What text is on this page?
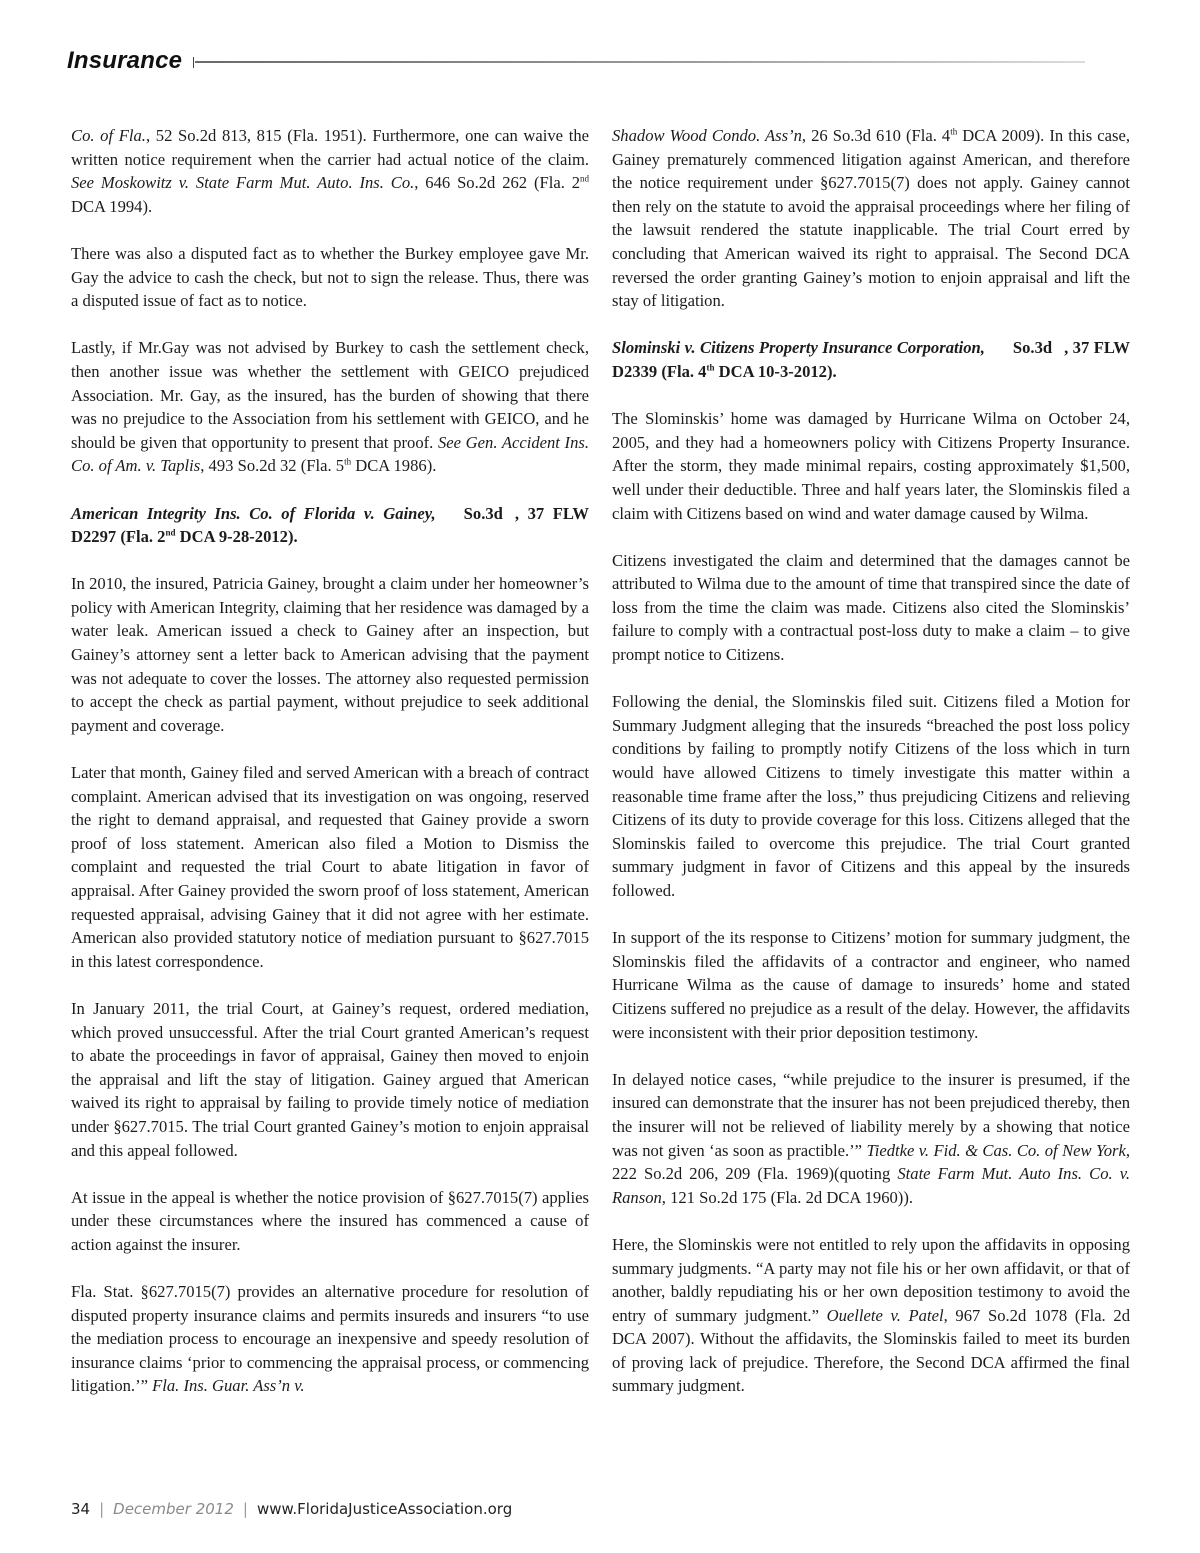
Insurance

Co. of Fla., 52 So.2d 813, 815 (Fla. 1951). Furthermore, one can waive the written notice requirement when the carrier had actual notice of the claim. See Moskowitz v. State Farm Mut. Auto. Ins. Co., 646 So.2d 262 (Fla. 2nd DCA 1994).

There was also a disputed fact as to whether the Burkey employee gave Mr. Gay the advice to cash the check, but not to sign the release. Thus, there was a disputed issue of fact as to notice.

Lastly, if Mr.Gay was not advised by Burkey to cash the settlement check, then another issue was whether the settlement with GEICO prejudiced Association. Mr. Gay, as the insured, has the burden of showing that there was no prejudice to the Association from his settlement with GEICO, and he should be given that opportunity to present that proof. See Gen. Accident Ins. Co. of Am. v. Taplis, 493 So.2d 32 (Fla. 5th DCA 1986).

American Integrity Ins. Co. of Florida v. Gainey, So.3d , 37 FLW D2297 (Fla. 2nd DCA 9-28-2012).

In 2010, the insured, Patricia Gainey, brought a claim under her homeowner’s policy with American Integrity, claiming that her residence was damaged by a water leak. American issued a check to Gainey after an inspection, but Gainey’s attorney sent a letter back to American advising that the payment was not adequate to cover the losses. The attorney also requested permission to accept the check as partial payment, without prejudice to seek additional payment and coverage.

Later that month, Gainey filed and served American with a breach of contract complaint. American advised that its investigation on was ongoing, reserved the right to demand appraisal, and requested that Gainey provide a sworn proof of loss statement. American also filed a Motion to Dismiss the complaint and requested the trial Court to abate litigation in favor of appraisal. After Gainey provided the sworn proof of loss statement, American requested appraisal, advising Gainey that it did not agree with her estimate. American also provided statutory notice of mediation pursuant to §627.7015 in this latest correspondence.

In January 2011, the trial Court, at Gainey’s request, ordered mediation, which proved unsuccessful. After the trial Court granted American’s request to abate the proceedings in favor of appraisal, Gainey then moved to enjoin the appraisal and lift the stay of litigation. Gainey argued that American waived its right to appraisal by failing to provide timely notice of mediation under §627.7015. The trial Court granted Gainey’s motion to enjoin appraisal and this appeal followed.

At issue in the appeal is whether the notice provision of §627.7015(7) applies under these circumstances where the insured has commenced a cause of action against the insurer.

Fla. Stat. §627.7015(7) provides an alternative procedure for resolution of disputed property insurance claims and permits insureds and insurers “to use the mediation process to encourage an inexpensive and speedy resolution of insurance claims ‘prior to commencing the appraisal process, or commencing litigation.’” Fla. Ins. Guar. Ass’n v.

Shadow Wood Condo. Ass’n, 26 So.3d 610 (Fla. 4th DCA 2009). In this case, Gainey prematurely commenced litigation against American, and therefore the notice requirement under §627.7015(7) does not apply. Gainey cannot then rely on the statute to avoid the appraisal proceedings where her filing of the lawsuit rendered the statute inapplicable. The trial Court erred by concluding that American waived its right to appraisal. The Second DCA reversed the order granting Gainey’s motion to enjoin appraisal and lift the stay of litigation.

Slominski v. Citizens Property Insurance Corporation, So.3d , 37 FLW D2339 (Fla. 4th DCA 10-3-2012).

The Slominskis’ home was damaged by Hurricane Wilma on October 24, 2005, and they had a homeowners policy with Citizens Property Insurance. After the storm, they made minimal repairs, costing approximately $1,500, well under their deductible. Three and half years later, the Slominskis filed a claim with Citizens based on wind and water damage caused by Wilma.

Citizens investigated the claim and determined that the damages cannot be attributed to Wilma due to the amount of time that transpired since the date of loss from the time the claim was made. Citizens also cited the Slominskis’ failure to comply with a contractual post-loss duty to make a claim – to give prompt notice to Citizens.

Following the denial, the Slominskis filed suit. Citizens filed a Motion for Summary Judgment alleging that the insureds “breached the post loss policy conditions by failing to promptly notify Citizens of the loss which in turn would have allowed Citizens to timely investigate this matter within a reasonable time frame after the loss,” thus prejudicing Citizens and relieving Citizens of its duty to provide coverage for this loss. Citizens alleged that the Slominskis failed to overcome this prejudice. The trial Court granted summary judgment in favor of Citizens and this appeal by the insureds followed.

In support of the its response to Citizens’ motion for summary judgment, the Slominskis filed the affidavits of a contractor and engineer, who named Hurricane Wilma as the cause of damage to insureds’ home and stated Citizens suffered no prejudice as a result of the delay. However, the affidavits were inconsistent with their prior deposition testimony.

In delayed notice cases, “while prejudice to the insurer is presumed, if the insured can demonstrate that the insurer has not been prejudiced thereby, then the insurer will not be relieved of liability merely by a showing that notice was not given ‘as soon as practible.’” Tiedtke v. Fid. & Cas. Co. of New York, 222 So.2d 206, 209 (Fla. 1969)(quoting State Farm Mut. Auto Ins. Co. v. Ranson, 121 So.2d 175 (Fla. 2d DCA 1960)).

Here, the Slominskis were not entitled to rely upon the affidavits in opposing summary judgments. “A party may not file his or her own affidavit, or that of another, baldly repudiating his or her own deposition testimony to avoid the entry of summary judgment.” Ouellete v. Patel, 967 So.2d 1078 (Fla. 2d DCA 2007). Without the affidavits, the Slominskis failed to meet its burden of proving lack of prejudice. Therefore, the Second DCA affirmed the final summary judgment.

34 | December 2012 | www.FloridaJusticeAssociation.org
